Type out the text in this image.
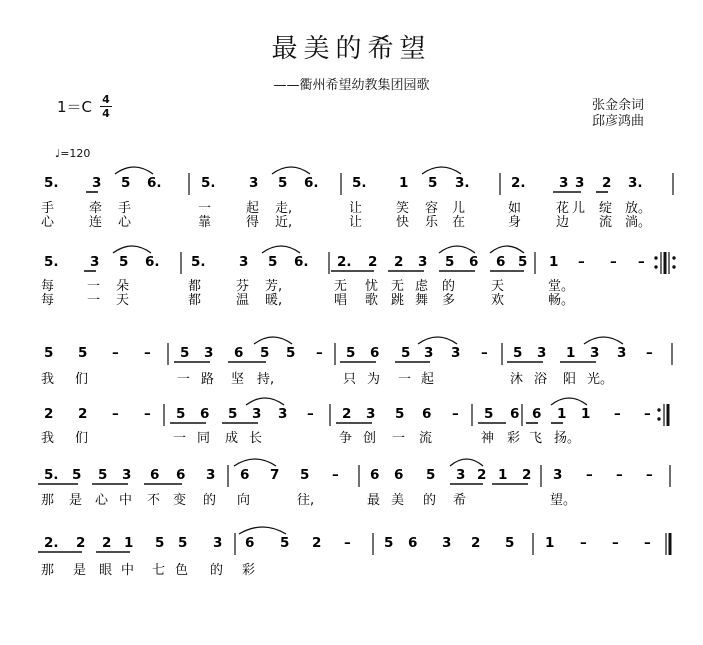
最美的希望
——衢州希望幼教集团园歌
1＝C 4
4
张金余词
邱彦鸿曲
♩=120
5. 3 5 6.	5. 3 5 6. 5. 1 5 3.	2. 3 3 2 3.
手	牵 手	一	起 走,	让	笑 容 儿	如	花 儿 绽 放。
心	连 心	靠	得 近,	让	快 乐 在	身	边 流 淌。
5. 3 5 6. 5. 3 5 6. 2. 2 2 3 5 6 6 5 1 – – –
每	一 朵	都	芬 芳,	无 忧 无 虑 的	天	堂。
每	一 天	都	温 暖,	唱 歌 跳 舞 多	欢	畅。
5 5 – – 5 3 6 5 5 – 5 6 5 3 3 – 5 3 1 3 3 –
我 们	一 路 坚 持,	只 为 一 起	沐 浴 阳 光。
2 2 – – 5 6 5 3 3 – 2 3 5 6 – 5 6 6 1 1 – –
我 们	一 同 成 长	争 创 一 流	神 彩 飞 扬。
5. 5 5 3 6 6 3 6 7 5 – 6 6 5 3 2 1 2 3 – – –
那 是 心 中 不 变 的 向	往,	最 美 的 希	望。
2. 2 2 1 5 5 3 6 5 2 – 5 6 3 2 5 1 – – –
那 是 眼 中 七 色 的 彩
